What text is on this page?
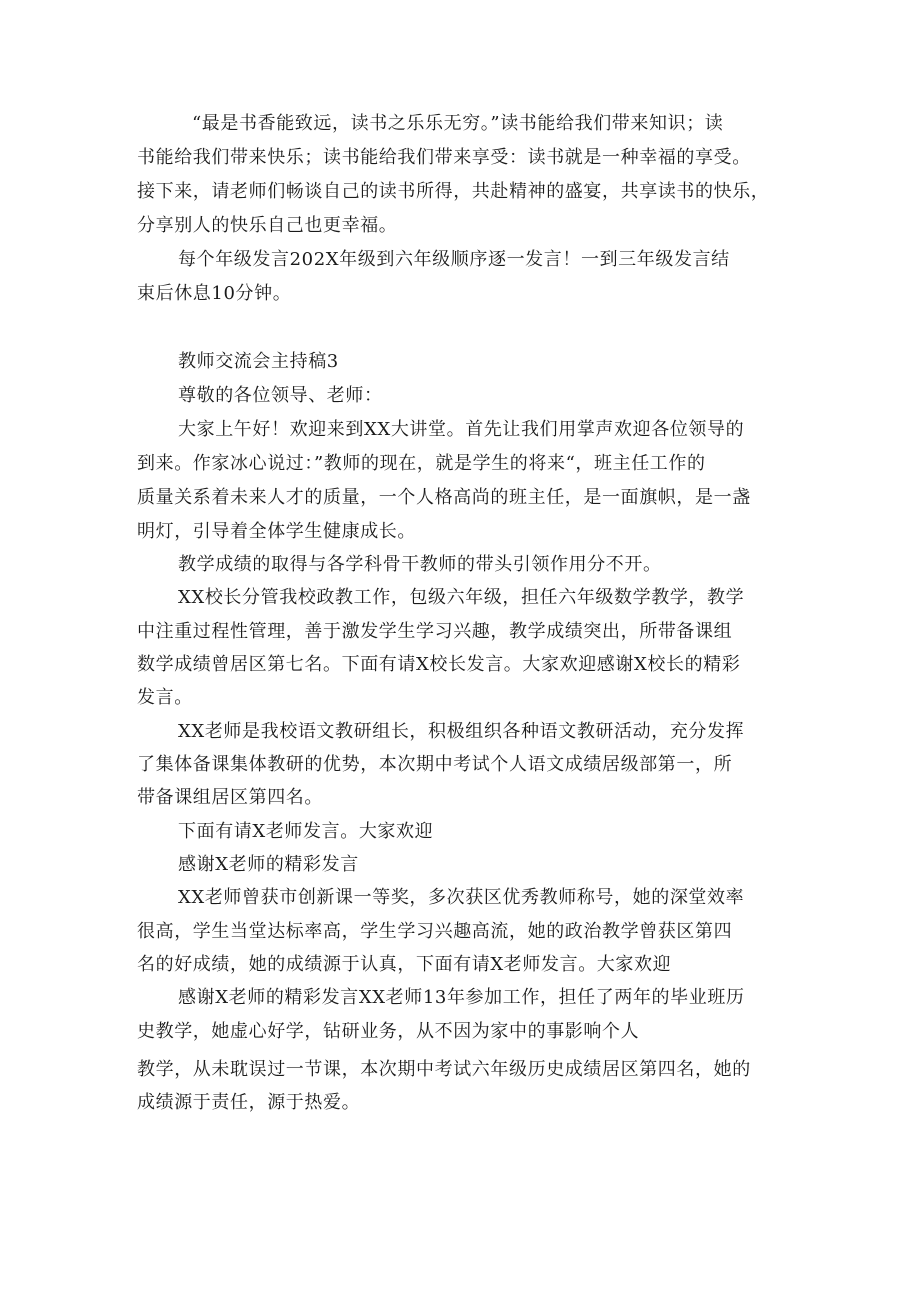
“最是书香能致远，读书之乐乐无穷。”读书能给我们带来知识；读
书能给我们带来快乐；读书能给我们带来享受：读书就是一种幸福的享受。
接下来，请老师们畅谈自己的读书所得，共赴精神的盛宴，共享读书的快乐，
分享别人的快乐自己也更幸福。
每个年级发言202X年级到六年级顺序逐一发言！一到三年级发言结
束后休息10分钟。
教师交流会主持稿3
尊敬的各位领导、老师：
大家上午好！欢迎来到XX大讲堂。首先让我们用掌声欢迎各位领导的
到来。作家冰心说过：”教师的现在，就是学生的将来“，班主任工作的
质量关系着未来人才的质量，一个人格高尚的班主任，是一面旗帜，是一盏
明灯，引导着全体学生健康成长。
教学成绩的取得与各学科骨干教师的带头引领作用分不开。
XX校长分管我校政教工作，包级六年级，担任六年级数学教学，教学
中注重过程性管理，善于激发学生学习兴趣，教学成绩突出，所带备课组
数学成绩曾居区第七名。下面有请X校长发言。大家欢迎感谢X校长的精彩
发言。
XX老师是我校语文教研组长，积极组织各种语文教研活动，充分发挥
了集体备课集体教研的优势，本次期中考试个人语文成绩居级部第一，所
带备课组居区第四名。
下面有请X老师发言。大家欢迎
感谢X老师的精彩发言
XX老师曾获市创新课一等奖，多次获区优秀教师称号，她的深堂效率
很高，学生当堂达标率高，学生学习兴趣高流，她的政治教学曾获区第四
名的好成绩，她的成绩源于认真，下面有请X老师发言。大家欢迎
感谢X老师的精彩发言XX老师13年参加工作，担任了两年的毕业班历
史教学，她虚心好学，钻研业务，从不因为家中的事影响个人
教学，从未耽误过一节课，本次期中考试六年级历史成绩居区第四名，她的
成绩源于责任，源于热爱。
